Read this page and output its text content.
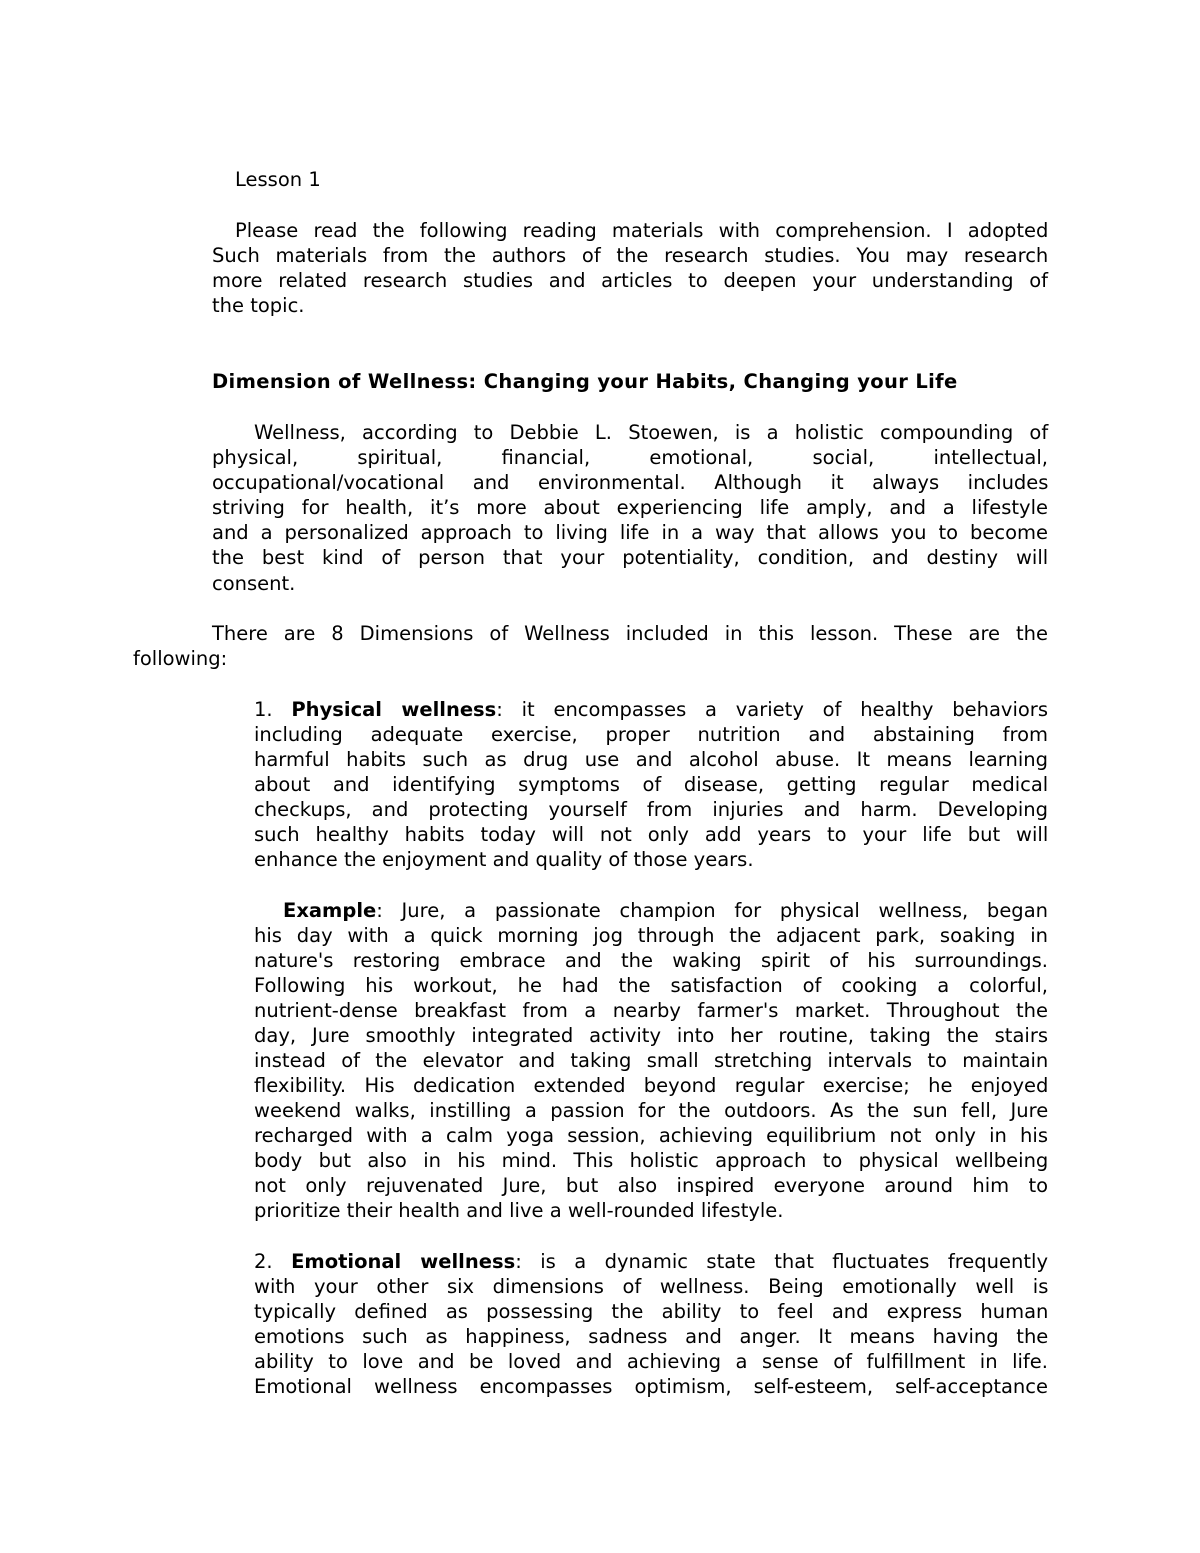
Lesson 1
Please read the following reading materials with comprehension. I adopted
Such materials from the authors of the research studies. You may research
more related research studies and articles to deepen your understanding of
the topic.
Dimension of Wellness: Changing your Habits, Changing your Life
Wellness, according to Debbie L. Stoewen, is a holistic compounding of
physical, spiritual, financial, emotional, social, intellectual,
occupational/vocational and environmental. Although it always includes
striving for health, it’s more about experiencing life amply, and a lifestyle
and a personalized approach to living life in a way that allows you to become
the best kind of person that your potentiality, condition, and destiny will
consent.
There are 8 Dimensions of Wellness included in this lesson. These are the
following:
1. Physical wellness: it encompasses a variety of healthy behaviors
including adequate exercise, proper nutrition and abstaining from
harmful habits such as drug use and alcohol abuse. It means learning
about and identifying symptoms of disease, getting regular medical
checkups, and protecting yourself from injuries and harm. Developing
such healthy habits today will not only add years to your life but will
enhance the enjoyment and quality of those years.
Example: Jure, a passionate champion for physical wellness, began
his day with a quick morning jog through the adjacent park, soaking in
nature's restoring embrace and the waking spirit of his surroundings.
Following his workout, he had the satisfaction of cooking a colorful,
nutrient-dense breakfast from a nearby farmer's market. Throughout the
day, Jure smoothly integrated activity into her routine, taking the stairs
instead of the elevator and taking small stretching intervals to maintain
flexibility. His dedication extended beyond regular exercise; he enjoyed
weekend walks, instilling a passion for the outdoors. As the sun fell, Jure
recharged with a calm yoga session, achieving equilibrium not only in his
body but also in his mind. This holistic approach to physical wellbeing
not only rejuvenated Jure, but also inspired everyone around him to
prioritize their health and live a well-rounded lifestyle.
2. Emotional wellness: is a dynamic state that fluctuates frequently
with your other six dimensions of wellness. Being emotionally well is
typically defined as possessing the ability to feel and express human
emotions such as happiness, sadness and anger. It means having the
ability to love and be loved and achieving a sense of fulfillment in life.
Emotional wellness encompasses optimism, self-esteem, self-acceptance
